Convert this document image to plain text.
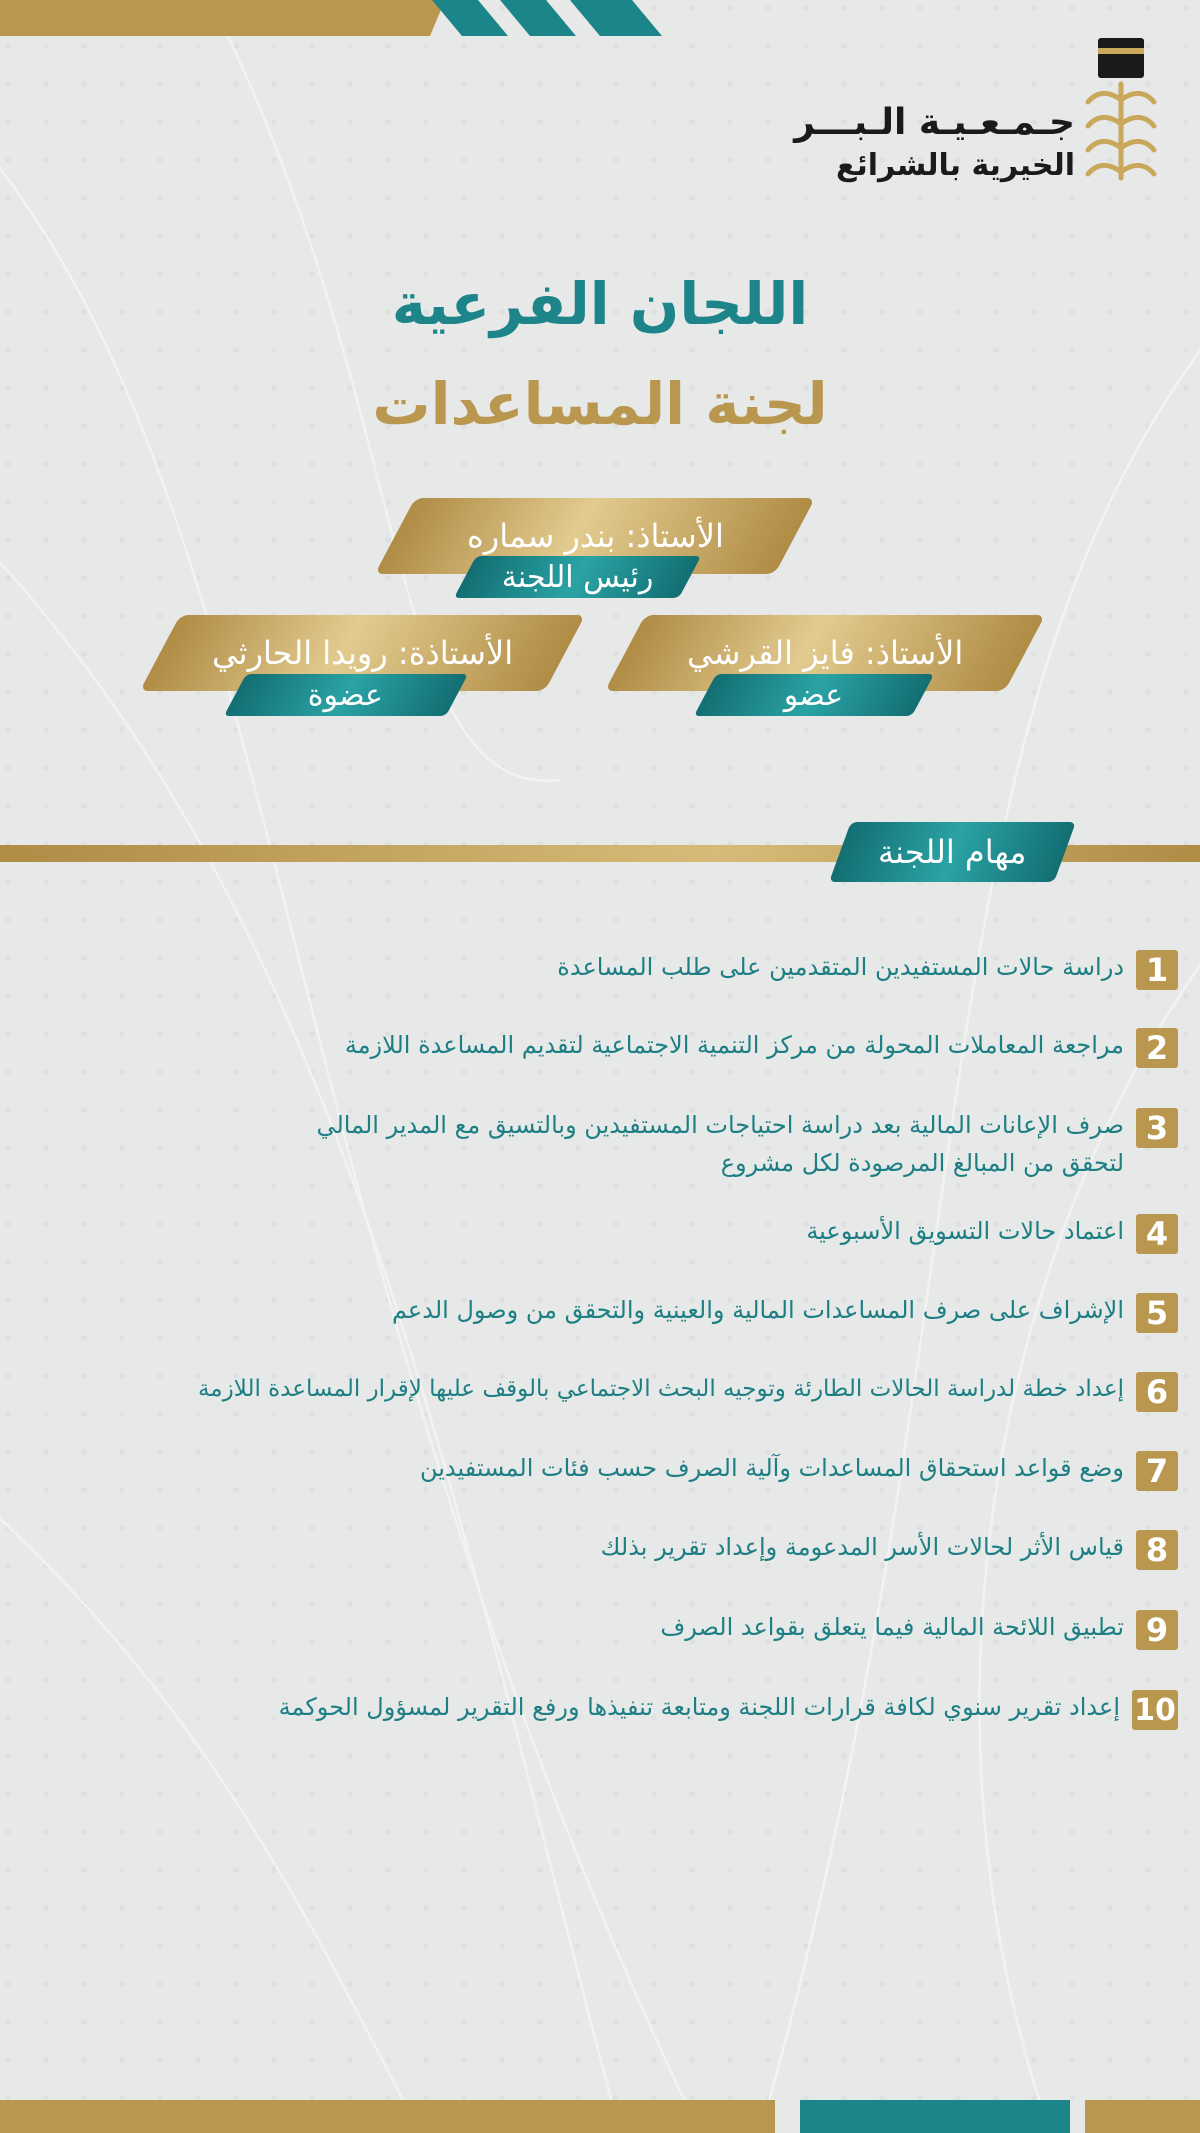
جـمـعـيـة الـبـــر
الخيرية بالشرائع
اللجان الفرعية
لجنة المساعدات
الأستاذ: بندر سماره
رئيس اللجنة
الأستاذ: فايز القرشي
عضو
الأستاذة: رويدا الحارثي
عضوة
مهام اللجنة
1
دراسة حالات المستفيدين المتقدمين على طلب المساعدة
2
مراجعة المعاملات المحولة من مركز التنمية الاجتماعية لتقديم المساعدة اللازمة
3
صرف الإعانات المالية بعد دراسة احتياجات المستفيدين وبالتسيق مع المدير المالي
لتحقق من المبالغ المرصودة لكل مشروع
4
اعتماد حالات التسويق الأسبوعية
5
الإشراف على صرف المساعدات المالية والعينية والتحقق من وصول الدعم
6
إعداد خطة لدراسة الحالات الطارئة وتوجيه البحث الاجتماعي بالوقف عليها لإقرار المساعدة اللازمة
7
وضع قواعد استحقاق المساعدات وآلية الصرف حسب فئات المستفيدين
8
قياس الأثر لحالات الأسر المدعومة وإعداد تقرير بذلك
9
تطبيق اللائحة المالية فيما يتعلق بقواعد الصرف
10
إعداد تقرير سنوي لكافة قرارات اللجنة ومتابعة تنفيذها ورفع التقرير لمسؤول الحوكمة
